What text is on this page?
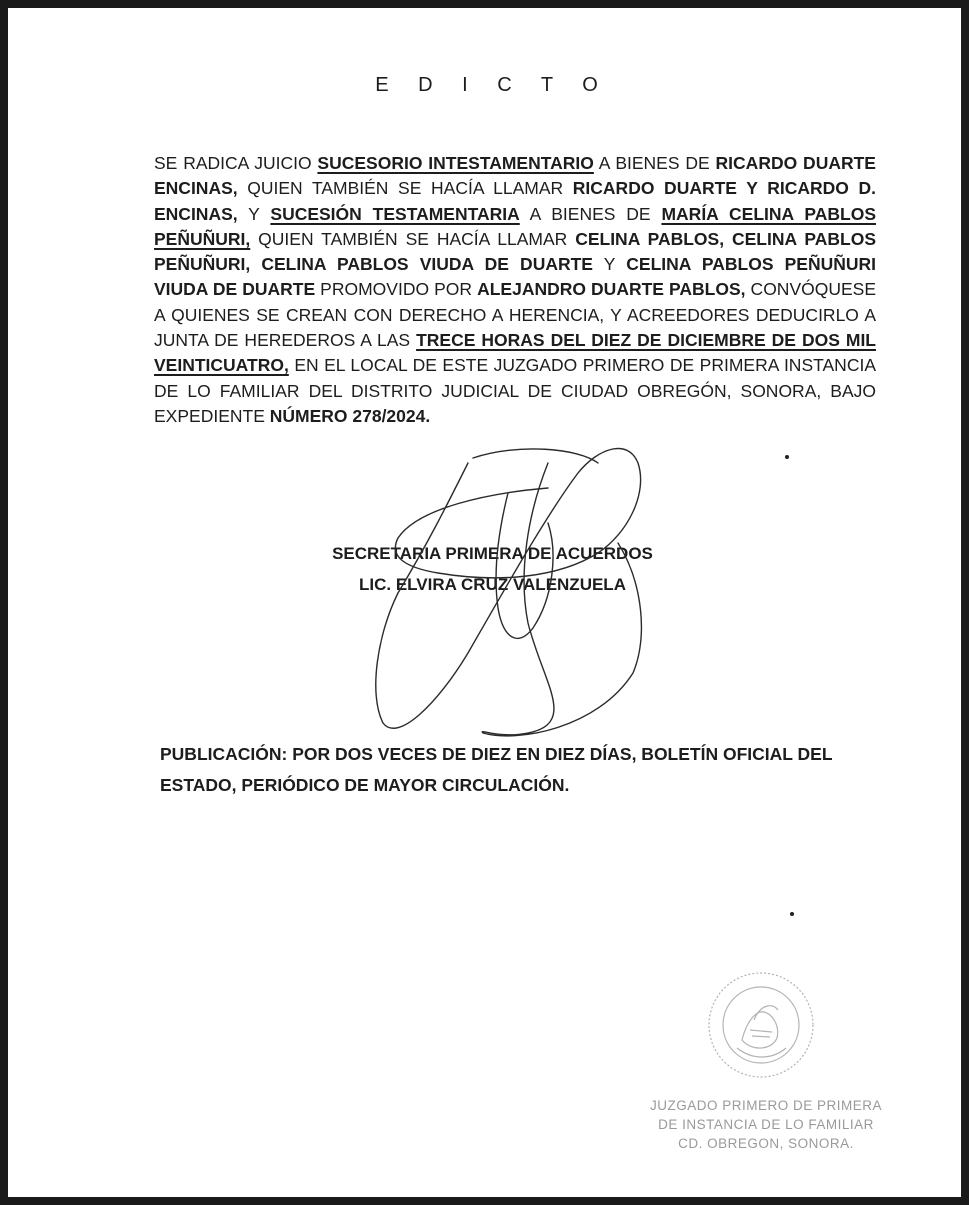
E D I C T O
SE RADICA JUICIO SUCESORIO INTESTAMENTARIO A BIENES DE RICARDO DUARTE ENCINAS, QUIEN TAMBIÉN SE HACÍA LLAMAR RICARDO DUARTE Y RICARDO D. ENCINAS, Y SUCESIÓN TESTAMENTARIA A BIENES DE MARÍA CELINA PABLOS PEÑUÑURI, QUIEN TAMBIÉN SE HACÍA LLAMAR CELINA PABLOS, CELINA PABLOS PEÑUÑURI, CELINA PABLOS VIUDA DE DUARTE Y CELINA PABLOS PEÑUÑURI VIUDA DE DUARTE PROMOVIDO POR ALEJANDRO DUARTE PABLOS, CONVÓQUESE A QUIENES SE CREAN CON DERECHO A HERENCIA, Y ACREEDORES DEDUCIRLO A JUNTA DE HEREDEROS A LAS TRECE HORAS DEL DIEZ DE DICIEMBRE DE DOS MIL VEINTICUATRO, EN EL LOCAL DE ESTE JUZGADO PRIMERO DE PRIMERA INSTANCIA DE LO FAMILIAR DEL DISTRITO JUDICIAL DE CIUDAD OBREGÓN, SONORA, BAJO EXPEDIENTE NÚMERO 278/2024.
SECRETARIA PRIMERA DE ACUERDOS
LIC. ELVIRA CRUZ VALENZUELA
PUBLICACIÓN: POR DOS VECES DE DIEZ EN DIEZ DÍAS, BOLETÍN OFICIAL DEL ESTADO, PERIÓDICO DE MAYOR CIRCULACIÓN.
JUZGADO PRIMERO DE PRIMERA
DE INSTANCIA DE LO FAMILIAR
CD. OBREGON, SONORA.
